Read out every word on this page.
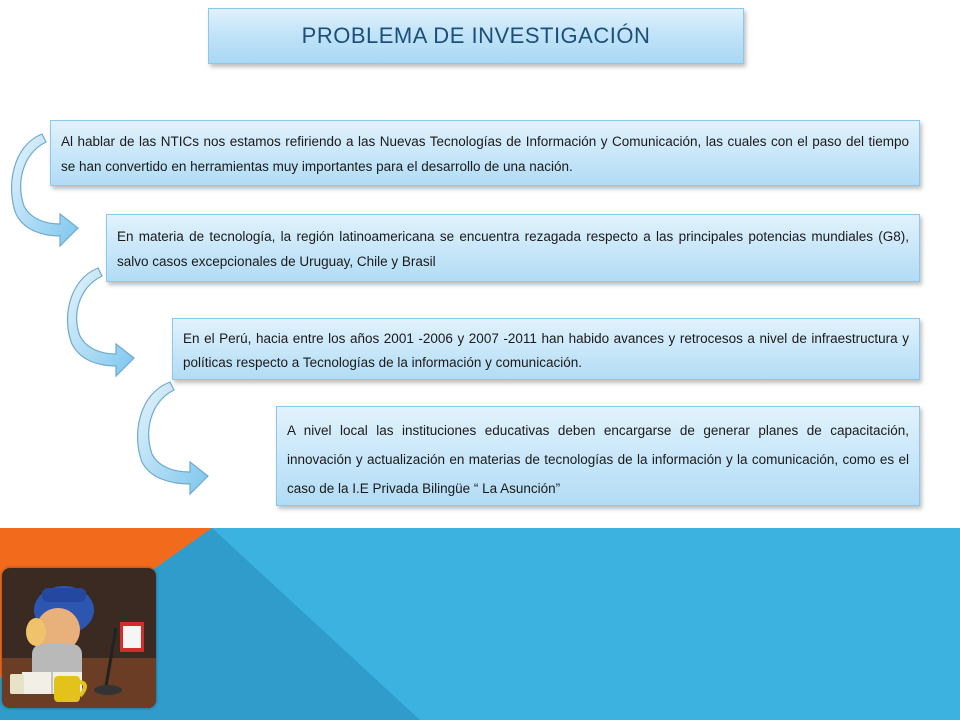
PROBLEMA DE INVESTIGACIÓN
Al hablar de las NTICs nos estamos refiriendo a las Nuevas Tecnologías de Información y Comunicación, las cuales con el paso del tiempo se han convertido en herramientas muy importantes para el desarrollo de una nación.
En materia de tecnología, la región latinoamericana se encuentra rezagada respecto a las principales potencias mundiales (G8), salvo casos excepcionales de Uruguay, Chile y Brasil
En el Perú, hacia entre los años 2001 -2006 y 2007 -2011 han habido avances y retrocesos a nivel de infraestructura y políticas respecto a Tecnologías de la información y comunicación.
A nivel local las instituciones educativas deben encargarse de generar planes de capacitación, innovación y actualización en materias de tecnologías de la información y la comunicación, como es el caso de la I.E Privada Bilingüe “ La Asunción”
